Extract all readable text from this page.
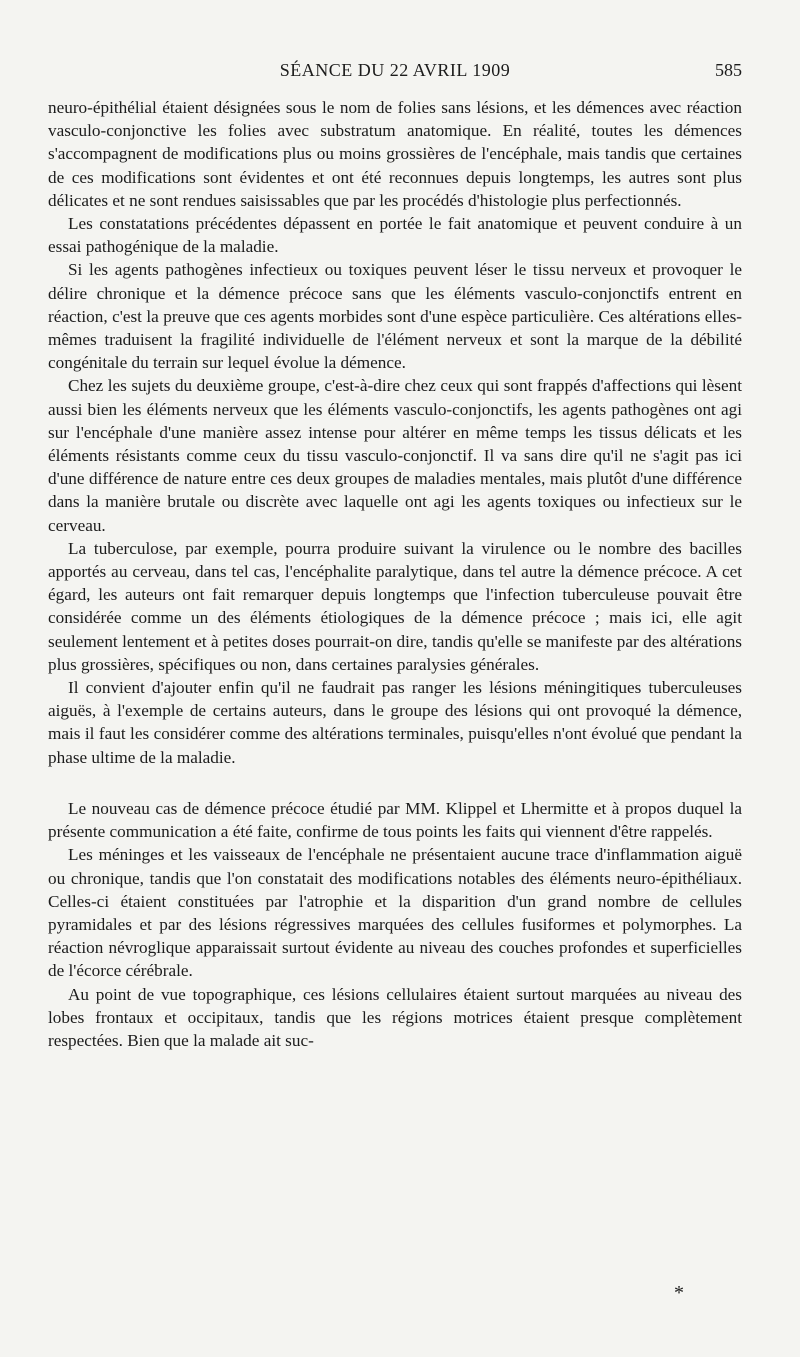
SÉANCE DU 22 AVRIL 1909	585

neuro-épithélial étaient désignées sous le nom de folies sans lésions, et les démences avec réaction vasculo-conjonctive les folies avec substratum anatomique. En réalité, toutes les démences s'accompagnent de modifications plus ou moins grossières de l'encéphale, mais tandis que certaines de ces modifications sont évidentes et ont été reconnues depuis longtemps, les autres sont plus délicates et ne sont rendues saisissables que par les procédés d'histologie plus perfectionnés.

Les constatations précédentes dépassent en portée le fait anatomique et peuvent conduire à un essai pathogénique de la maladie.

Si les agents pathogènes infectieux ou toxiques peuvent léser le tissu nerveux et provoquer le délire chronique et la démence précoce sans que les éléments vasculo-conjonctifs entrent en réaction, c'est la preuve que ces agents morbides sont d'une espèce particulière. Ces altérations elles-mêmes traduisent la fragilité individuelle de l'élément nerveux et sont la marque de la débilité congénitale du terrain sur lequel évolue la démence.

Chez les sujets du deuxième groupe, c'est-à-dire chez ceux qui sont frappés d'affections qui lèsent aussi bien les éléments nerveux que les éléments vasculo-conjonctifs, les agents pathogènes ont agi sur l'encéphale d'une manière assez intense pour altérer en même temps les tissus délicats et les éléments résistants comme ceux du tissu vasculo-conjonctif. Il va sans dire qu'il ne s'agit pas ici d'une différence de nature entre ces deux groupes de maladies mentales, mais plutôt d'une différence dans la manière brutale ou discrète avec laquelle ont agi les agents toxiques ou infectieux sur le cerveau.

La tuberculose, par exemple, pourra produire suivant la virulence ou le nombre des bacilles apportés au cerveau, dans tel cas, l'encéphalite paralytique, dans tel autre la démence précoce. A cet égard, les auteurs ont fait remarquer depuis longtemps que l'infection tuberculeuse pouvait être considérée comme un des éléments étiologiques de la démence précoce ; mais ici, elle agit seulement lentement et à petites doses pourrait-on dire, tandis qu'elle se manifeste par des altérations plus grossières, spécifiques ou non, dans certaines paralysies générales.

Il convient d'ajouter enfin qu'il ne faudrait pas ranger les lésions méningitiques tuberculeuses aiguës, à l'exemple de certains auteurs, dans le groupe des lésions qui ont provoqué la démence, mais il faut les considérer comme des altérations terminales, puisqu'elles n'ont évolué que pendant la phase ultime de la maladie.

Le nouveau cas de démence précoce étudié par MM. Klippel et Lhermitte et à propos duquel la présente communication a été faite, confirme de tous points les faits qui viennent d'être rappelés.

Les méninges et les vaisseaux de l'encéphale ne présentaient aucune trace d'inflammation aiguë ou chronique, tandis que l'on constatait des modifications notables des éléments neuro-épithéliaux. Celles-ci étaient constituées par l'atrophie et la disparition d'un grand nombre de cellules pyramidales et par des lésions régressives marquées des cellules fusiformes et polymorphes. La réaction névroglique apparaissait surtout évidente au niveau des couches profondes et superficielles de l'écorce cérébrale.

Au point de vue topographique, ces lésions cellulaires étaient surtout marquées au niveau des lobes frontaux et occipitaux, tandis que les régions motrices étaient presque complètement respectées. Bien que la malade ait suc-

*
